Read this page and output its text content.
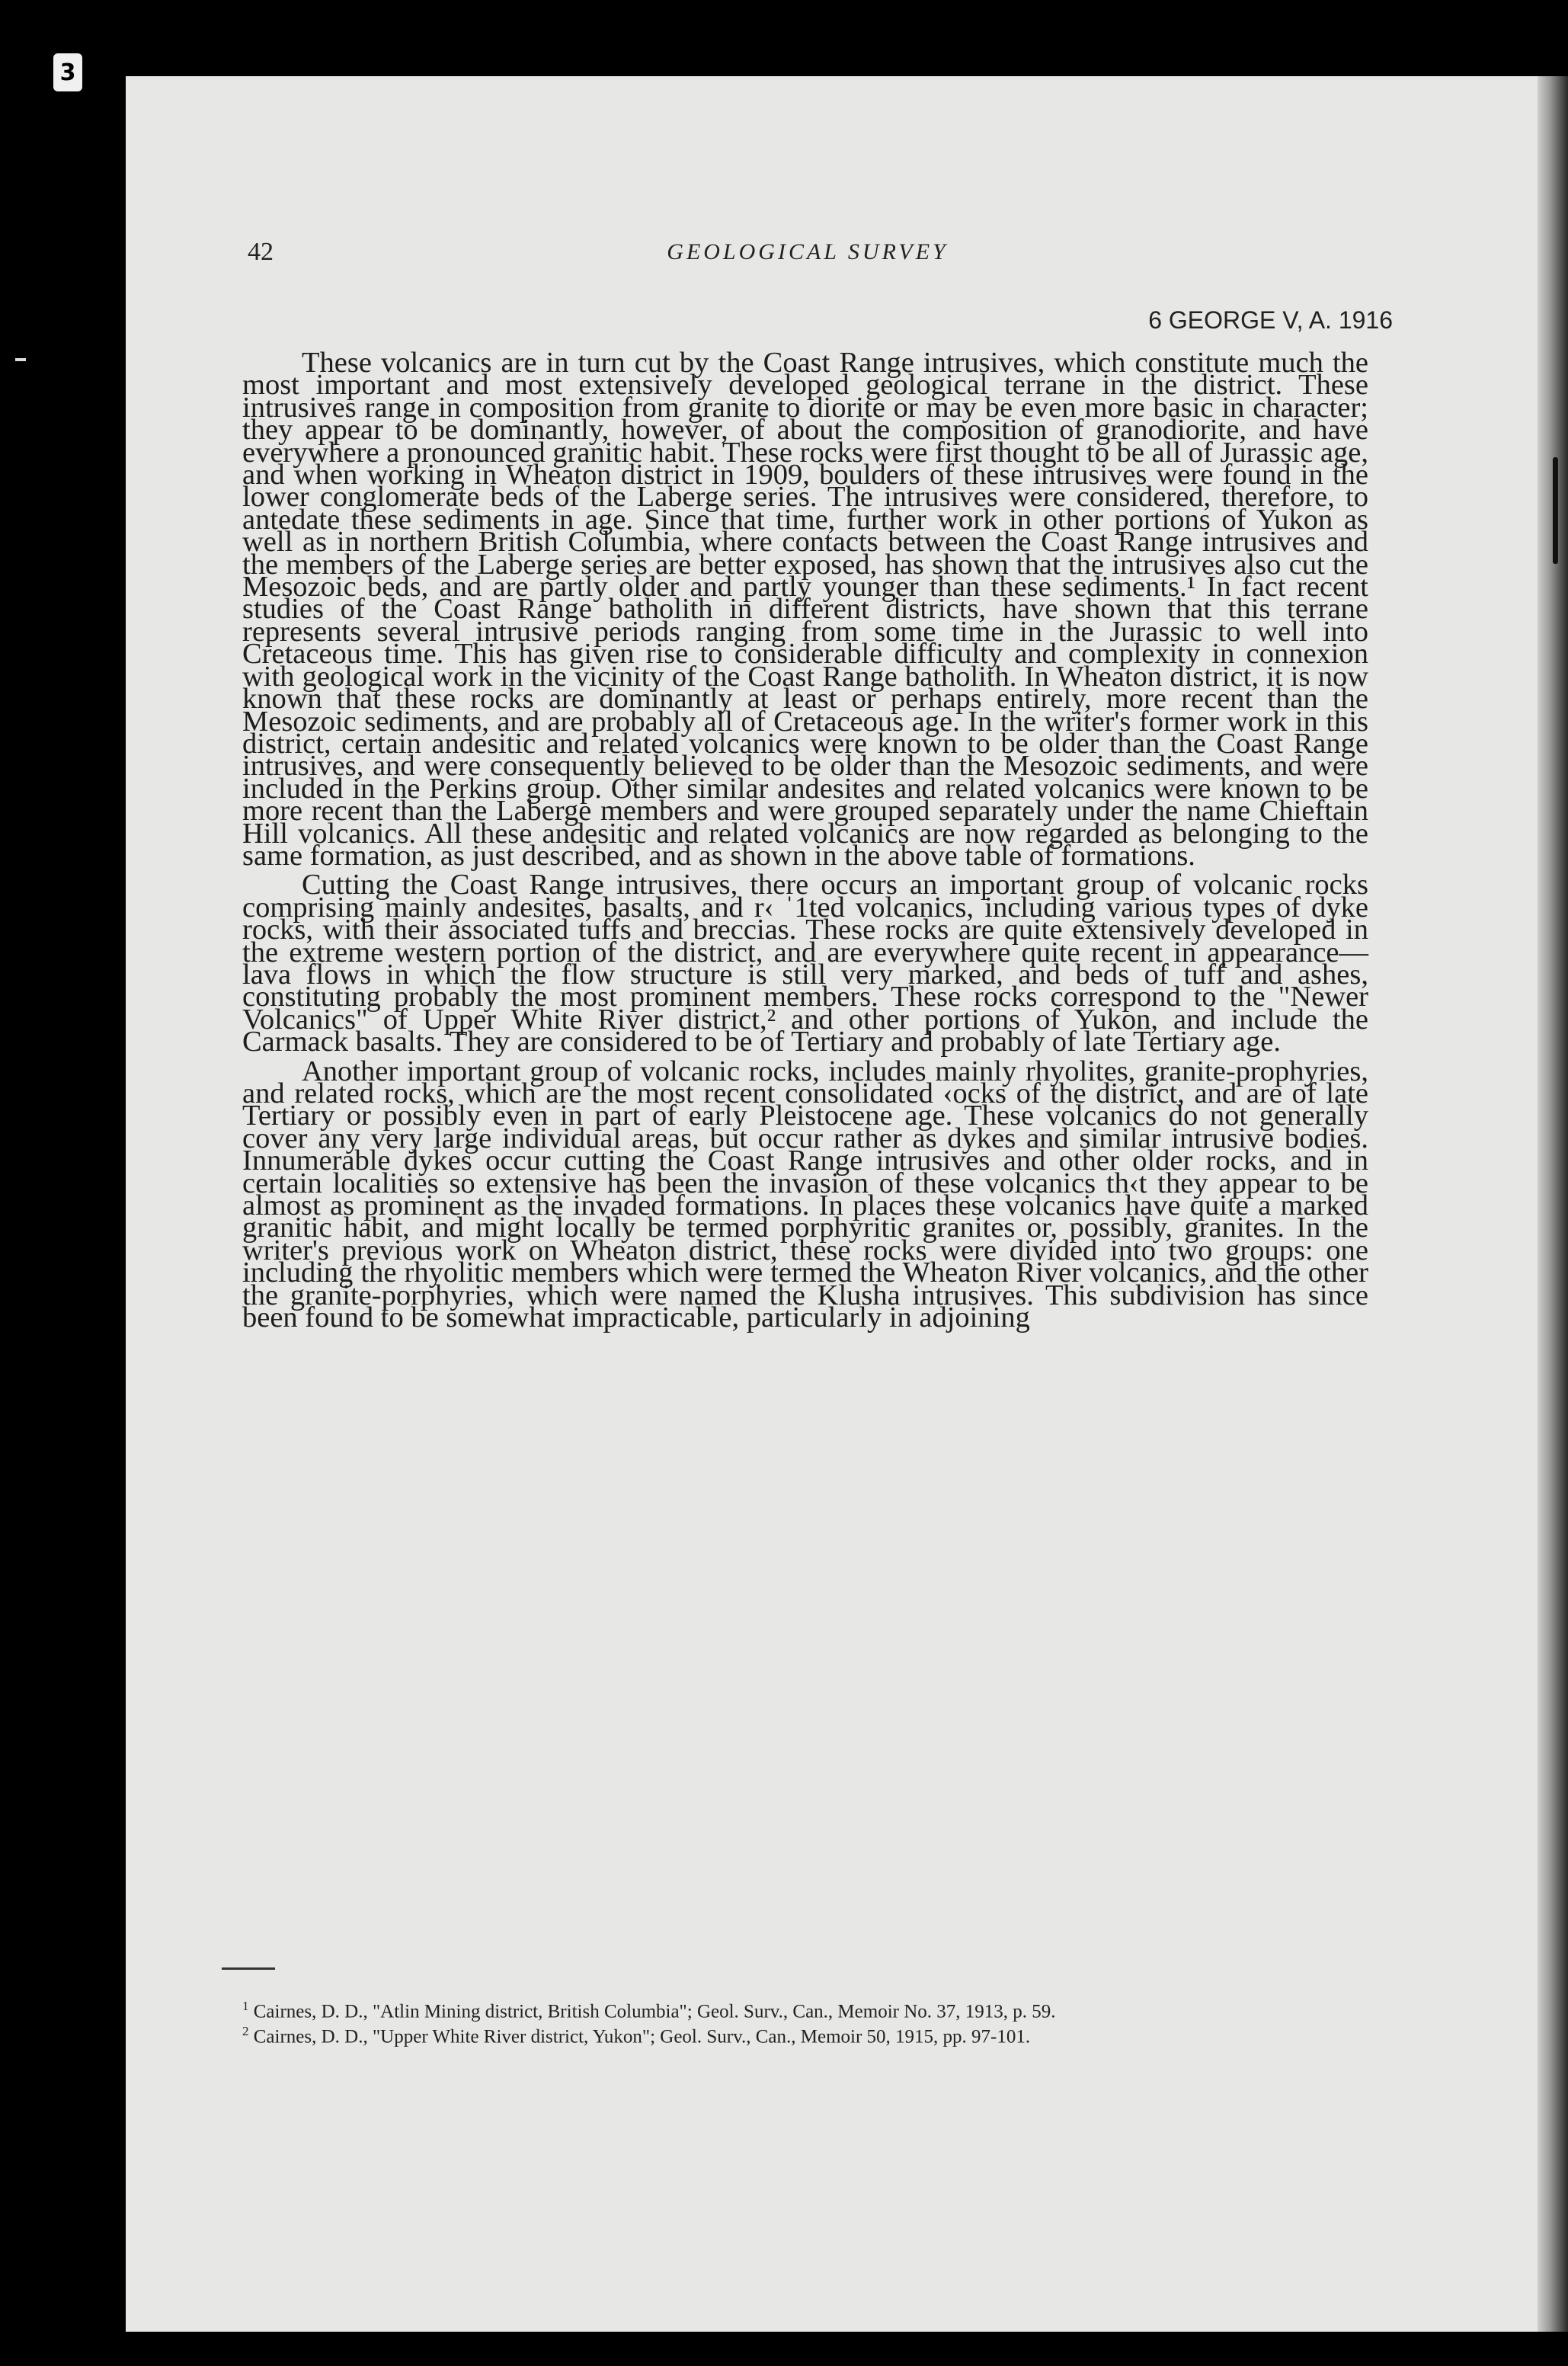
3
42	GEOLOGICAL SURVEY
6 GEORGE V, A. 1916

These volcanics are in turn cut by the Coast Range intrusives, which constitute much the most important and most extensively developed geological terrane in the district. These intrusives range in composition from granite to diorite or may be even more basic in character; they appear to be dominantly, however, of about the composition of granodiorite, and have everywhere a pronounced granitic habit. These rocks were first thought to be all of Jurassic age, and when working in Wheaton district in 1909, boulders of these intrusives were found in the lower conglomerate beds of the Laberge series. The intrusives were considered, therefore, to antedate these sediments in age. Since that time, further work in other portions of Yukon as well as in northern British Columbia, where contacts between the Coast Range intrusives and the members of the Laberge series are better exposed, has shown that the intrusives also cut the Mesozoic beds, and are partly older and partly younger than these sediments.¹ In fact recent studies of the Coast Range batholith in different districts, have shown that this terrane represents several intrusive periods ranging from some time in the Jurassic to well into Cretaceous time. This has given rise to considerable difficulty and complexity in connexion with geological work in the vicinity of the Coast Range batholith. In Wheaton district, it is now known that these rocks are dominantly at least or perhaps entirely, more recent than the Mesozoic sediments, and are probably all of Cretaceous age. In the writer's former work in this district, certain andesitic and related volcanics were known to be older than the Coast Range intrusives, and were consequently believed to be older than the Mesozoic sediments, and were included in the Perkins group. Other similar andesites and related volcanics were known to be more recent than the Laberge members and were grouped separately under the name Chieftain Hill volcanics. All these andesitic and related volcanics are now regarded as belonging to the same formation, as just described, and as shown in the above table of formations.

Cutting the Coast Range intrusives, there occurs an important group of volcanic rocks comprising mainly andesites, basalts, and r‹ ˈ1ted volcanics, including various types of dyke rocks, with their associated tuffs and breccias. These rocks are quite extensively developed in the extreme western portion of the district, and are everywhere quite recent in appearance—lava flows in which the flow structure is still very marked, and beds of tuff and ashes, constituting probably the most prominent members. These rocks correspond to the "Newer Volcanics" of Upper White River district,² and other portions of Yukon, and include the Carmack basalts. They are considered to be of Tertiary and probably of late Tertiary age.

Another important group of volcanic rocks, includes mainly rhyolites, granite-prophyries, and related rocks, which are the most recent consolidated ‹ocks of the district, and are of late Tertiary or possibly even in part of early Pleistocene age. These volcanics do not generally cover any very large individual areas, but occur rather as dykes and similar intrusive bodies. Innumerable dykes occur cutting the Coast Range intrusives and other older rocks, and in certain localities so extensive has been the invasion of these volcanics th‹t they appear to be almost as prominent as the invaded formations. In places these volcanics have quite a marked granitic habit, and might locally be termed porphyritic granites or, possibly, granites. In the writer's previous work on Wheaton district, these rocks were divided into two groups: one including the rhyolitic members which were termed the Wheaton River volcanics, and the other the granite-porphyries, which were named the Klusha intrusives. This subdivision has since been found to be somewhat impracticable, particularly in adjoining

$^1$ Cairnes, D. D., "Atlin Mining district, British Columbia"; Geol. Surv., Can., Memoir No. 37, 1913, p. 59.

$^2$ Cairnes, D. D., "Upper White River district, Yukon"; Geol. Surv., Can., Memoir 50, 1915, pp. 97-101.
